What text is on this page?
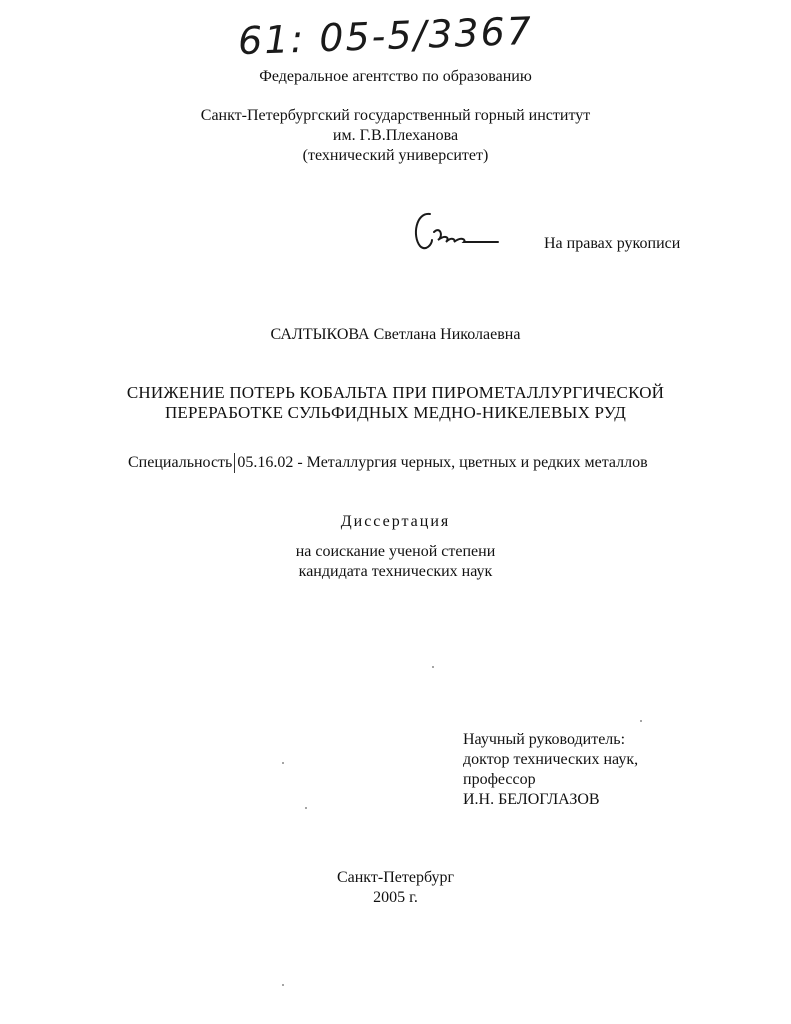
61: 05-5/3367
Федеральное агентство по образованию
Санкт-Петербургский государственный горный институт
им. Г.В.Плеханова
(технический университет)
На правах рукописи
САЛТЫКОВА Светлана Николаевна
СНИЖЕНИЕ ПОТЕРЬ КОБАЛЬТА ПРИ ПИРОМЕТАЛЛУРГИЧЕСКОЙ
ПЕРЕРАБОТКЕ СУЛЬФИДНЫХ МЕДНО-НИКЕЛЕВЫХ РУД
Специальность 05.16.02 - Металлургия черных, цветных и редких металлов
Диссертация
на соискание ученой степени
кандидата технических наук
Научный руководитель:
доктор технических наук,
профессор
И.Н. БЕЛОГЛАЗОВ
Санкт-Петербург
2005 г.
